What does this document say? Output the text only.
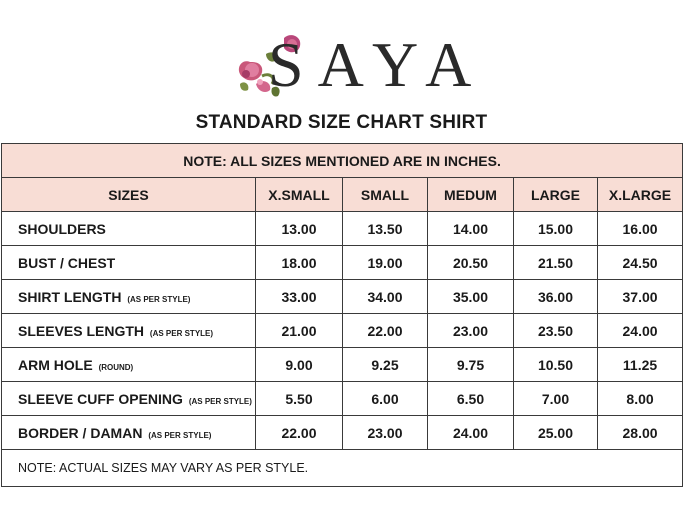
SAYA
STANDARD SIZE CHART SHIRT
NOTE: ALL SIZES MENTIONED ARE IN INCHES.					
SIZES	X.SMALL	SMALL	MEDUM	LARGE	X.LARGE
SHOULDERS	13.00	13.50	14.00	15.00	16.00
BUST / CHEST	18.00	19.00	20.50	21.50	24.50
SHIRT LENGTH (AS PER STYLE)	33.00	34.00	35.00	36.00	37.00
SLEEVES LENGTH (AS PER STYLE)	21.00	22.00	23.00	23.50	24.00
ARM HOLE (ROUND)	9.00	9.25	9.75	10.50	11.25
SLEEVE CUFF OPENING (AS PER STYLE)	5.50	6.00	6.50	7.00	8.00
BORDER / DAMAN (AS PER STYLE)	22.00	23.00	24.00	25.00	28.00
NOTE: ACTUAL SIZES MAY VARY AS PER STYLE.					
